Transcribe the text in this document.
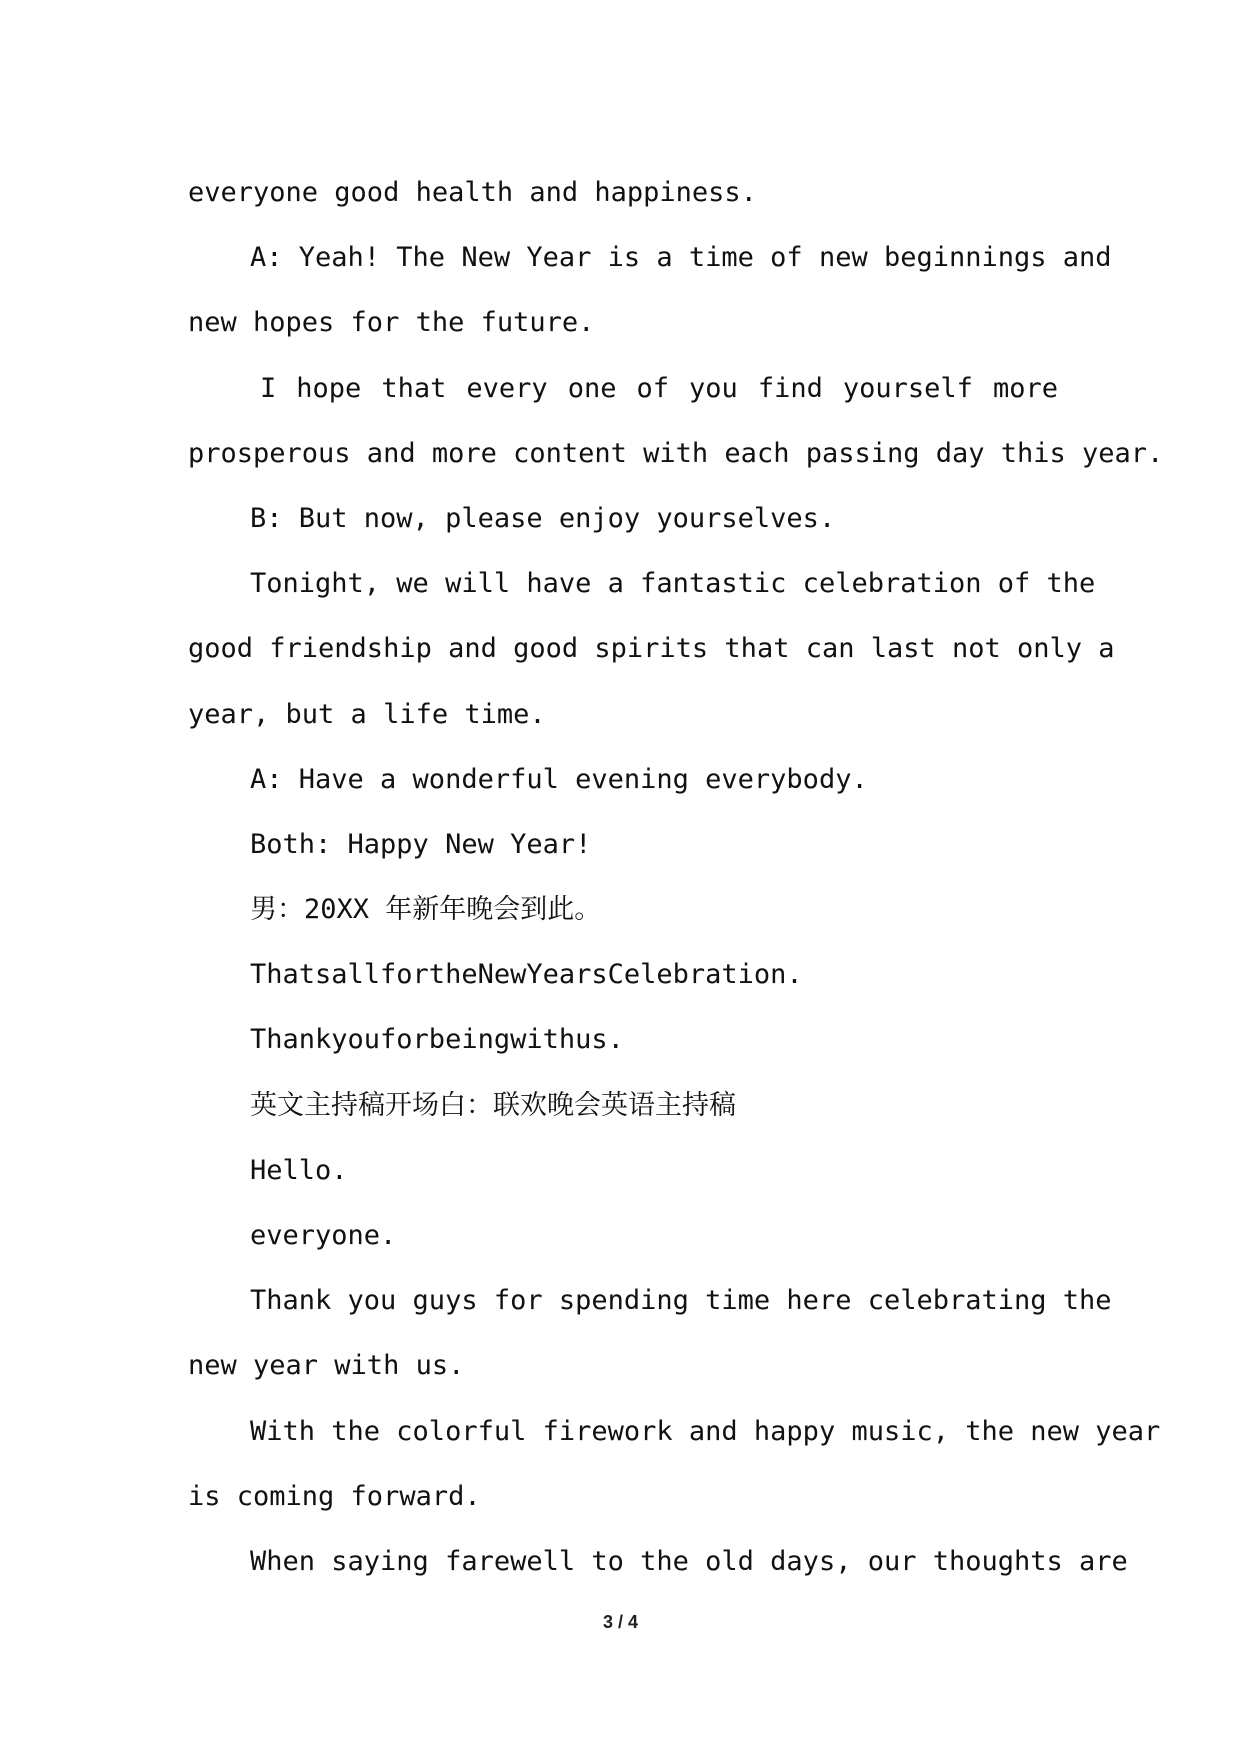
everyone good health and happiness.
A: Yeah! The New Year is a time of new beginnings and
new hopes for the future.
I hope that every one of you find yourself more
prosperous and more content with each passing day this year.
B: But now, please enjoy yourselves.
Tonight, we will have a fantastic celebration of the
good friendship and good spirits that can last not only a
year, but a life time.
A: Have a wonderful evening everybody.
Both: Happy New Year!
男：20XX 年新年晚会到此。
ThatsallfortheNewYearsCelebration.
Thankyouforbeingwithus.
英文主持稿开场白：联欢晚会英语主持稿
Hello.
everyone.
Thank you guys for spending time here celebrating the
new year with us.
With the colorful firework and happy music, the new year
is coming forward.
When saying farewell to the old days, our thoughts are
3 / 4
